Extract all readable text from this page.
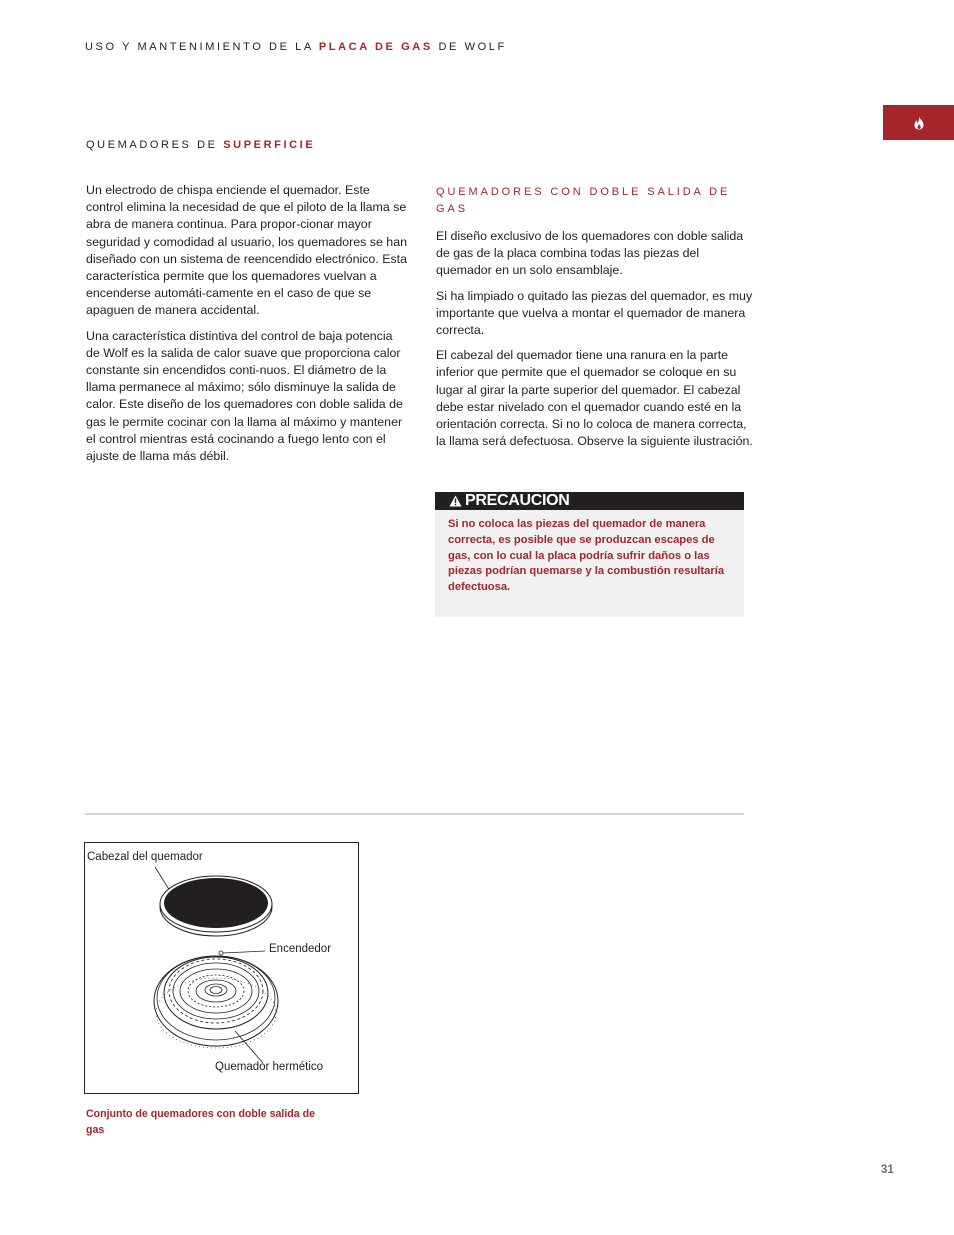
USO Y MANTENIMIENTO DE LA PLACA DE GAS DE WOLF
QUEMADORES DE SUPERFICIE

Un electrodo de chispa enciende el quemador. Este control elimina la necesidad de que el piloto de la llama se abra de manera continua. Para propor-cionar mayor seguridad y comodidad al usuario, los quemadores se han diseñado con un sistema de reencendido electrónico. Esta característica permite que los quemadores vuelvan a encenderse automáti-camente en el caso de que se apaguen de manera accidental.

Una característica distintiva del control de baja potencia de Wolf es la salida de calor suave que proporciona calor constante sin encendidos conti-nuos. El diámetro de la llama permanece al máximo; sólo disminuye la salida de calor. Este diseño de los quemadores con doble salida de gas le permite cocinar con la llama al máximo y mantener el control mientras está cocinando a fuego lento con el ajuste de llama más débil.

QUEMADORES CON DOBLE SALIDA DE GAS

El diseño exclusivo de los quemadores con doble salida de gas de la placa combina todas las piezas del quemador en un solo ensamblaje.

Si ha limpiado o quitado las piezas del quemador, es muy importante que vuelva a montar el quemador de manera correcta.

El cabezal del quemador tiene una ranura en la parte inferior que permite que el quemador se coloque en su lugar al girar la parte superior del quemador. El cabezal debe estar nivelado con el quemador cuando esté en la orientación correcta. Si no lo coloca de manera correcta, la llama será defectuosa. Observe la siguiente ilustración.

PRECAUCION
Si no coloca las piezas del quemador de manera correcta, es posible que se produzcan escapes de gas, con lo cual la placa podría sufrir daños o las piezas podrían quemarse y la combustión resultaría defectuosa.
Cabezal del quemador
Encendedor
Quemador hermético
Conjunto de quemadores con doble salida de gas
31
